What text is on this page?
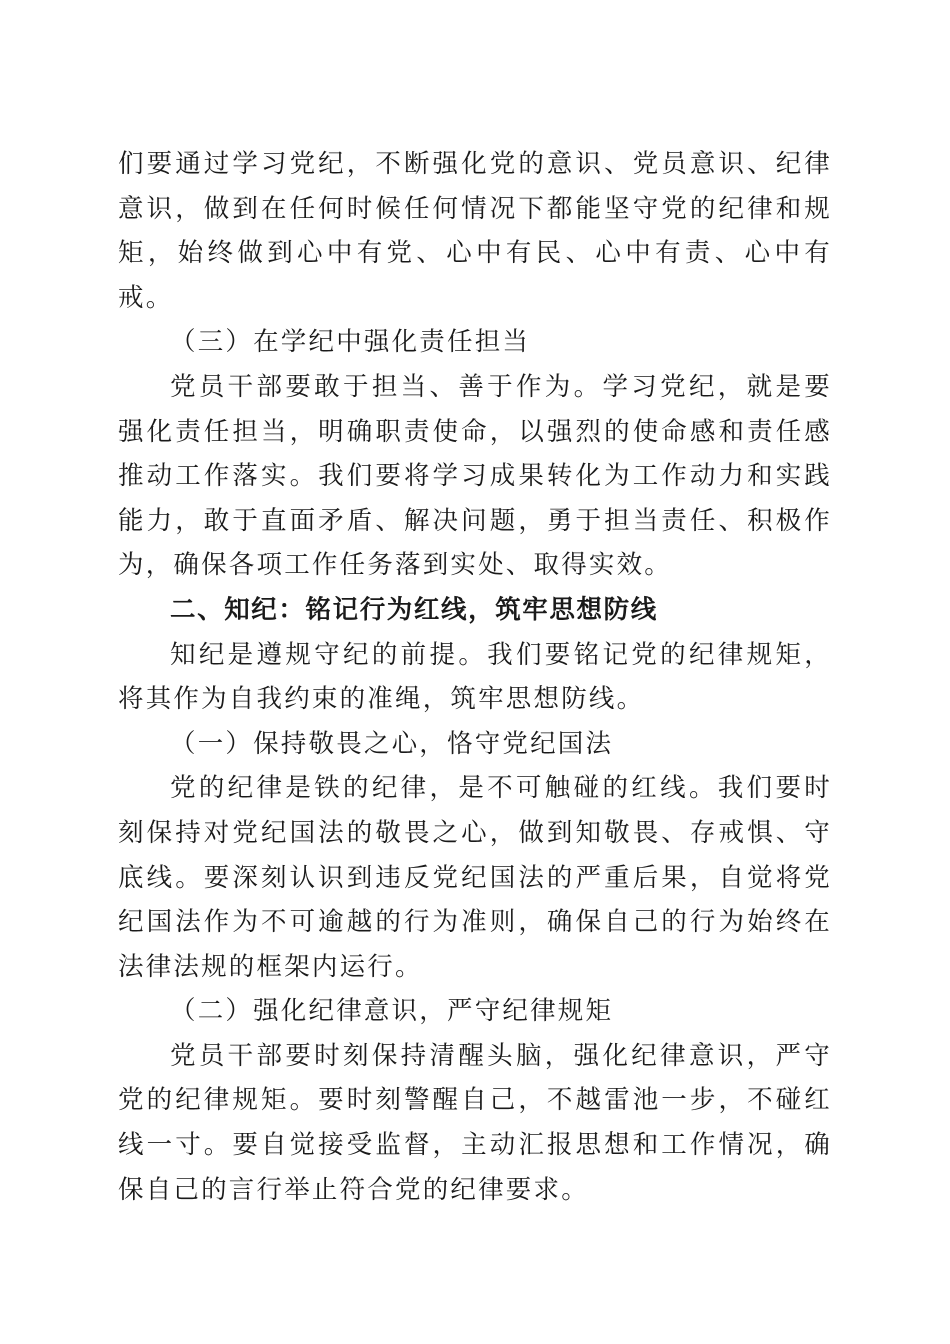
们要通过学习党纪，不断强化党的意识、党员意识、纪律意识，做到在任何时候任何情况下都能坚守党的纪律和规矩，始终做到心中有党、心中有民、心中有责、心中有戒。

（三）在学纪中强化责任担当

党员干部要敢于担当、善于作为。学习党纪，就是要强化责任担当，明确职责使命，以强烈的使命感和责任感推动工作落实。我们要将学习成果转化为工作动力和实践能力，敢于直面矛盾、解决问题，勇于担当责任、积极作为，确保各项工作任务落到实处、取得实效。

二、知纪：铭记行为红线，筑牢思想防线

知纪是遵规守纪的前提。我们要铭记党的纪律规矩，将其作为自我约束的准绳，筑牢思想防线。

（一）保持敬畏之心，恪守党纪国法

党的纪律是铁的纪律，是不可触碰的红线。我们要时刻保持对党纪国法的敬畏之心，做到知敬畏、存戒惧、守底线。要深刻认识到违反党纪国法的严重后果，自觉将党纪国法作为不可逾越的行为准则，确保自己的行为始终在法律法规的框架内运行。

（二）强化纪律意识，严守纪律规矩

党员干部要时刻保持清醒头脑，强化纪律意识，严守党的纪律规矩。要时刻警醒自己，不越雷池一步，不碰红线一寸。要自觉接受监督，主动汇报思想和工作情况，确保自己的言行举止符合党的纪律要求。
